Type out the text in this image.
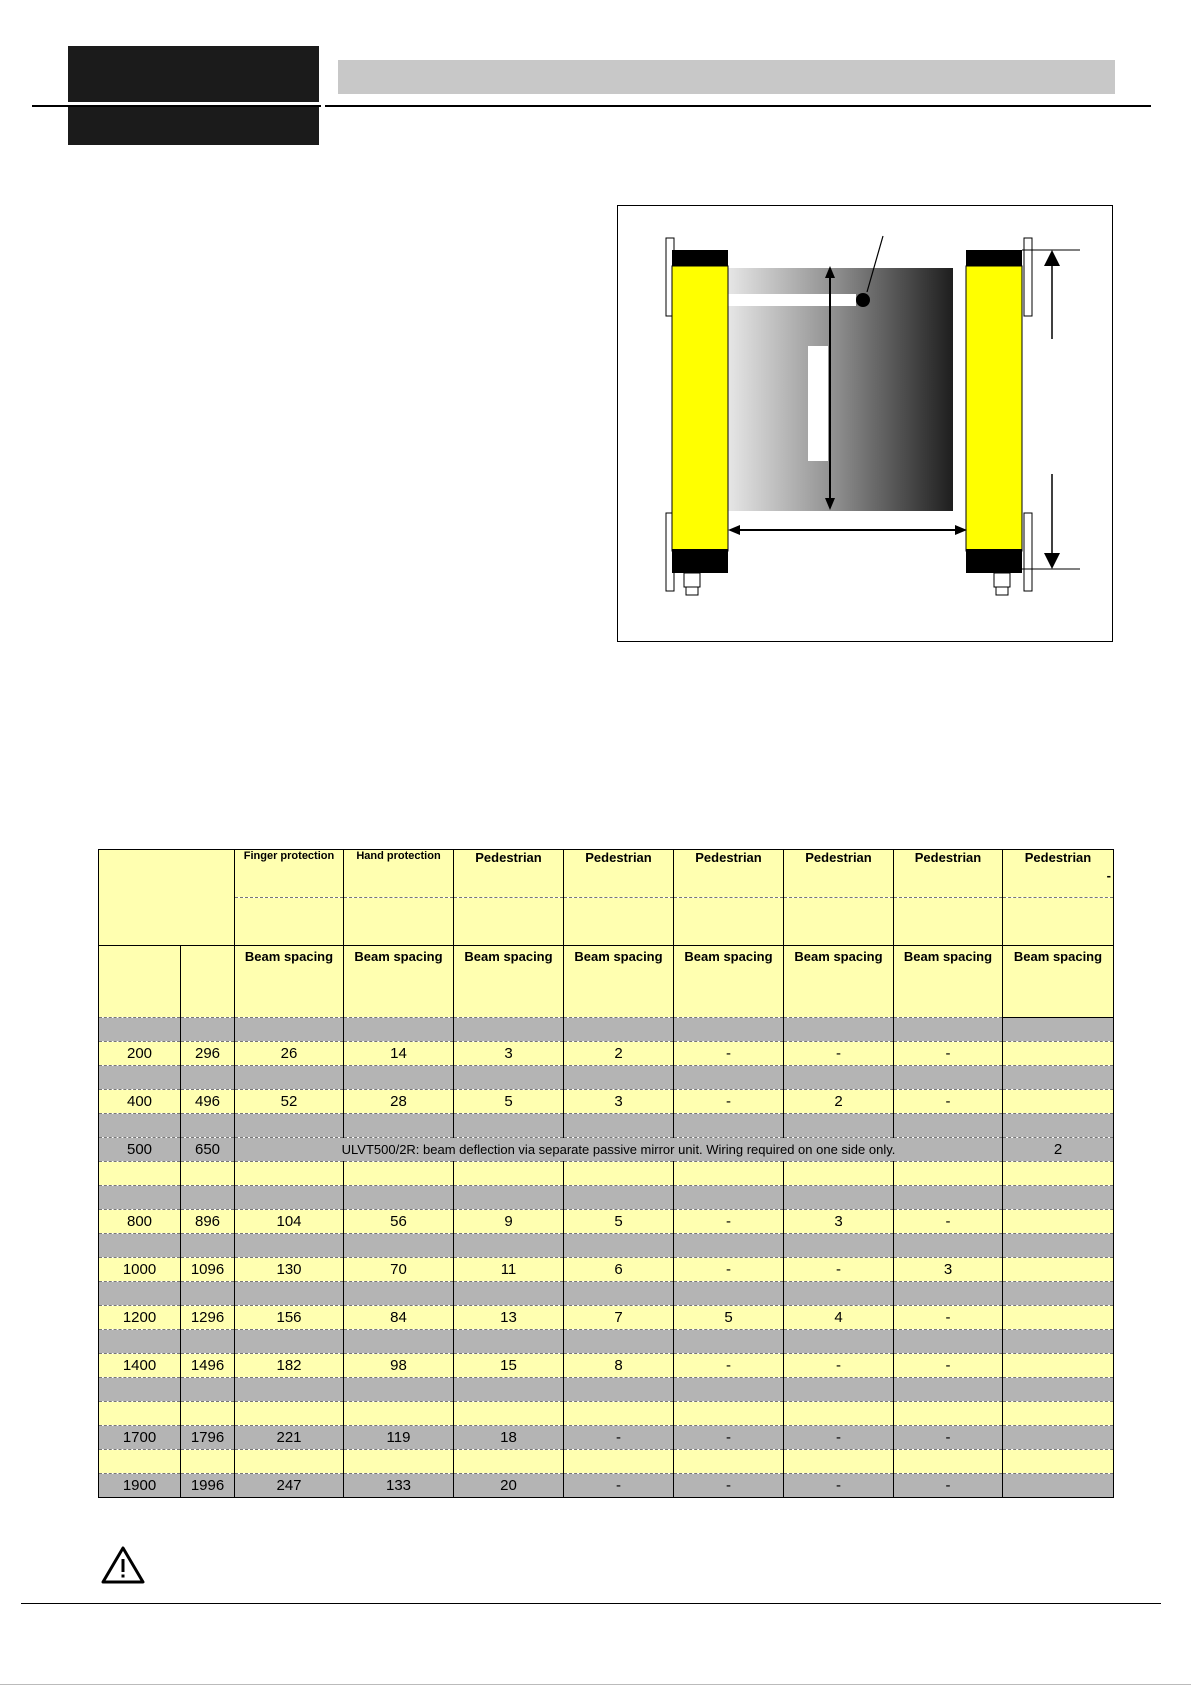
		Finger protection	Hand protection	Pedestrian	Pedestrian	Pedestrian	Pedestrian	Pedestrian	Pedestrian
-

		Beam spacing	Beam spacing	Beam spacing	Beam spacing	Beam spacing	Beam spacing	Beam spacing	Beam spacing

200	296	26	14	3	2	-	-	-	

400	496	52	28	5	3	-	2	-	

500	650	ULVT500/2R: beam deflection via separate passive mirror unit. Wiring required on one side only.							2

800	896	104	56	9	5	-	3	-	

1000	1096	130	70	11	6	-	-	3	

1200	1296	156	84	13	7	5	4	-	

1400	1496	182	98	15	8	-	-	-	

1700	1796	221	119	18	-	-	-	-	

1900	1996	247	133	20	-	-	-	-	
